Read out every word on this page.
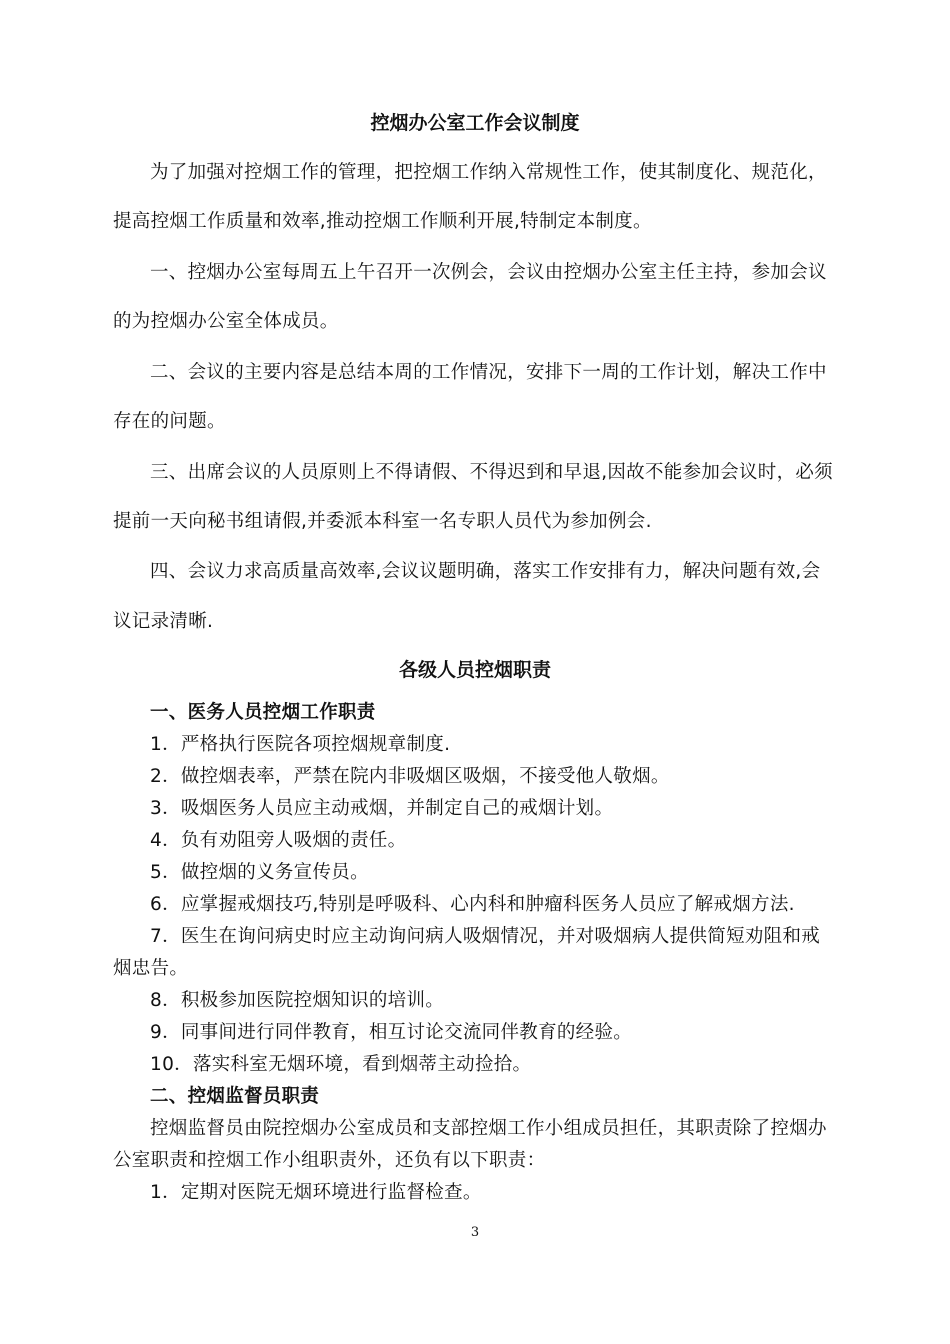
控烟办公室工作会议制度
为了加强对控烟工作的管理，把控烟工作纳入常规性工作，使其制度化、规范化，
提高控烟工作质量和效率,推动控烟工作顺利开展,特制定本制度。
一、控烟办公室每周五上午召开一次例会，会议由控烟办公室主任主持，参加会议
的为控烟办公室全体成员。
二、会议的主要内容是总结本周的工作情况，安排下一周的工作计划，解决工作中
存在的问题。
三、出席会议的人员原则上不得请假、不得迟到和早退,因故不能参加会议时，必须
提前一天向秘书组请假,并委派本科室一名专职人员代为参加例会.
四、会议力求高质量高效率,会议议题明确，落实工作安排有力，解决问题有效,会
议记录清晰.
各级人员控烟职责
一、医务人员控烟工作职责
1．严格执行医院各项控烟规章制度.
2．做控烟表率，严禁在院内非吸烟区吸烟，不接受他人敬烟。
3．吸烟医务人员应主动戒烟，并制定自己的戒烟计划。
4．负有劝阻旁人吸烟的责任。
5．做控烟的义务宣传员。
6．应掌握戒烟技巧,特别是呼吸科、心内科和肿瘤科医务人员应了解戒烟方法.
7．医生在询问病史时应主动询问病人吸烟情况，并对吸烟病人提供简短劝阻和戒
烟忠告。
8．积极参加医院控烟知识的培训。
9．同事间进行同伴教育，相互讨论交流同伴教育的经验。
10．落实科室无烟环境，看到烟蒂主动捡拾。
二、控烟监督员职责
控烟监督员由院控烟办公室成员和支部控烟工作小组成员担任，其职责除了控烟办
公室职责和控烟工作小组职责外，还负有以下职责：
1．定期对医院无烟环境进行监督检查。
3
